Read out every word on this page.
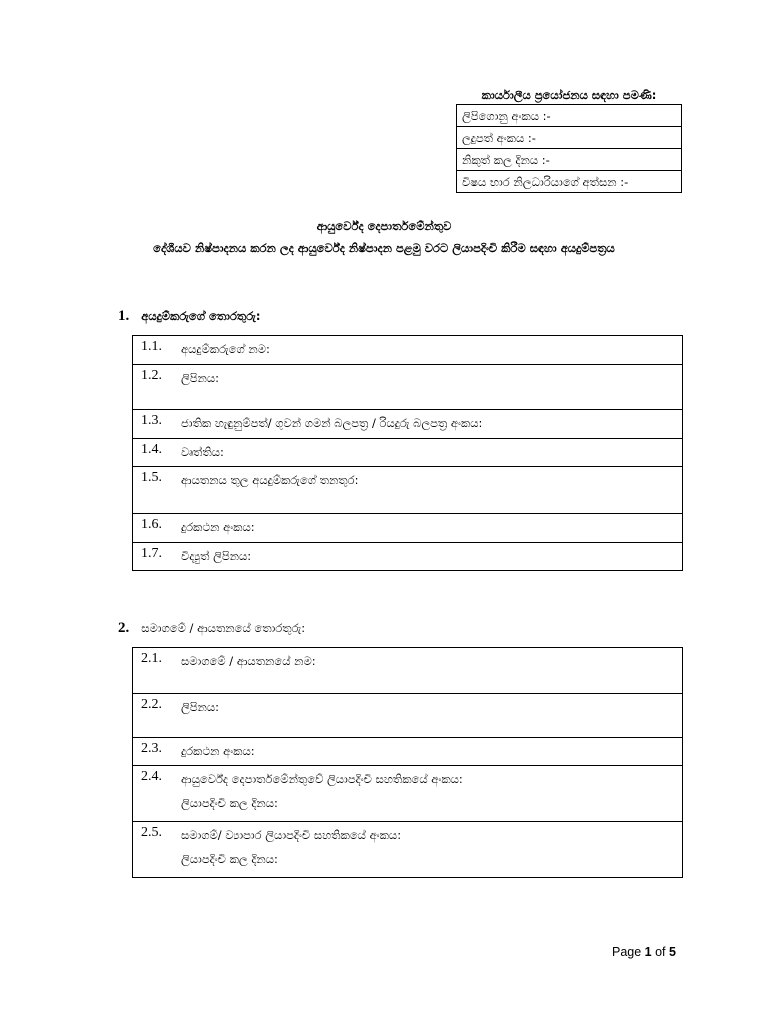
කාර්යාලීය ප්‍රයෝජනය සඳහා පමණි:
ලිපිගොනු අංකය :-
ලදුපත් අංකය :-
නිකුත් කල දිනය :-
විෂය භාර නිලධාරියාගේ අත්සන :-
ආයුර්වේද දෙපාර්තමේන්තුව
දේශීයව නිෂ්පාදනය කරන ලද ආයුර්වේද නිෂ්පාදන පළමු වරට ලියාපදිංචි කිරීම සඳහා අයදුම්පත්‍රය
1. අයදුම්කරුගේ තොරතුරු:
1.1. අයදුම්කරුගේ නම:
1.2. ලිපිනය:
1.3. ජාතික හැඳුනුම්පත්/ ගුවන් ගමන් බලපත්‍ර / රියදුරු බලපත්‍ර අංකය:
1.4. වෘත්තිය:
1.5. ආයතනය තුල අයදුම්කරුගේ තනතුර:
1.6. දුරකථන අංකය:
1.7. විද්‍යුත් ලිපිනය:
2. සමාගමේ / ආයතනයේ තොරතුරු:
2.1. සමාගමේ / ආයතනයේ නම:
2.2. ලිපිනය:
2.3. දුරකථන අංකය:
2.4. ආයුර්වේද දෙපාර්තමේන්තුවේ ලියාපදිංචි සහතිකයේ අංකය:
ලියාපදිංචි කල දිනය:
2.5. සමාගම්/ ව්‍යාපාර ලියාපදිංචි සහතිකයේ අංකය:
ලියාපදිංචි කල දිනය:
Page 1 of 5
